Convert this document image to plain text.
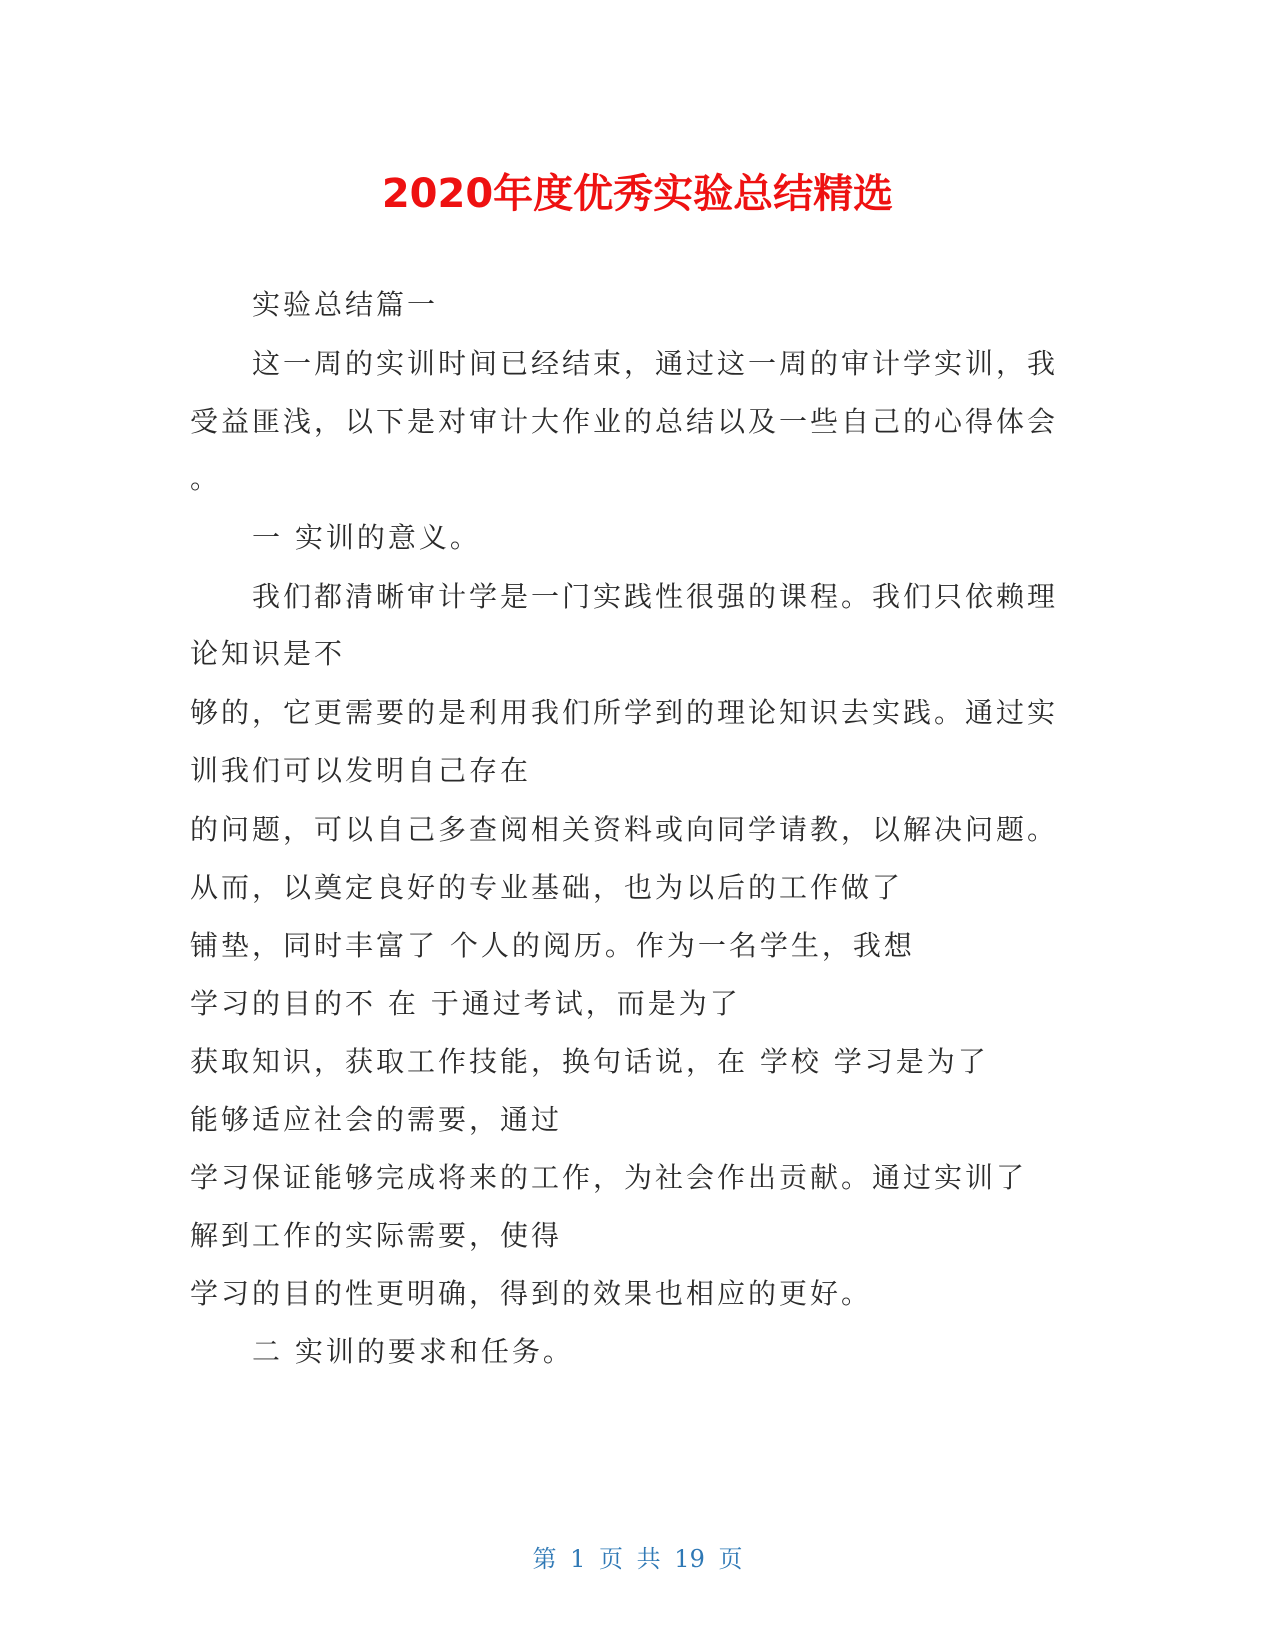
2020年度优秀实验总结精选
实验总结篇一
这一周的实训时间已经结束，通过这一周的审计学实训，我
受益匪浅，以下是对审计大作业的总结以及一些自己的心得体会
。
一 实训的意义。
我们都清晰审计学是一门实践性很强的课程。我们只依赖理
论知识是不
够的，它更需要的是利用我们所学到的理论知识去实践。通过实
训我们可以发明自己存在
的问题，可以自己多查阅相关资料或向同学请教，以解决问题。
从而，以奠定良好的专业基础，也为以后的工作做了
铺垫，同时丰富了 个人的阅历。作为一名学生，我想
学习的目的不 在 于通过考试，而是为了
获取知识，获取工作技能，换句话说，在 学校 学习是为了
能够适应社会的需要，通过
学习保证能够完成将来的工作，为社会作出贡献。通过实训了
解到工作的实际需要，使得
学习的目的性更明确，得到的效果也相应的更好。
二 实训的要求和任务。
第 1 页 共 19 页
